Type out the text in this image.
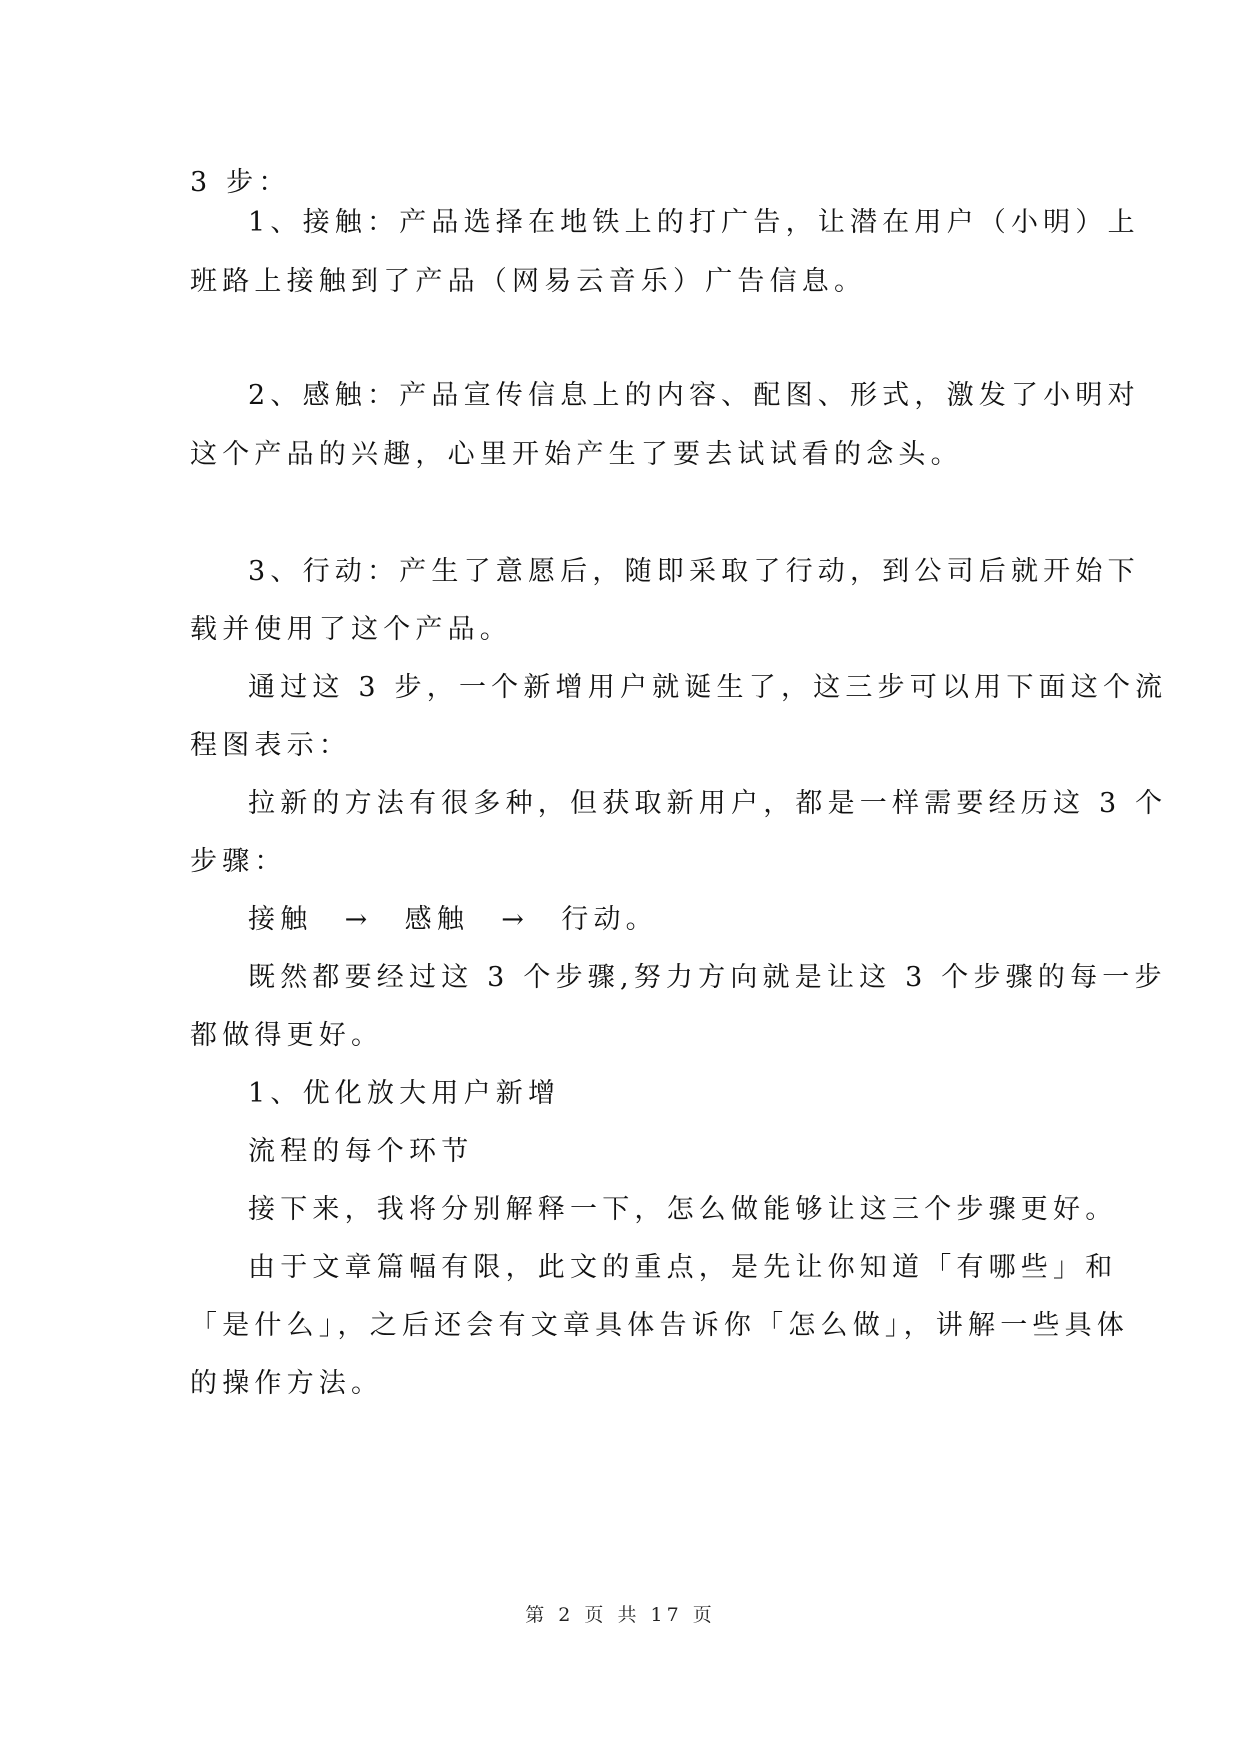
3 步：
1、接触：产品选择在地铁上的打广告，让潜在用户（小明）上
班路上接触到了产品（网易云音乐）广告信息。
2、感触：产品宣传信息上的内容、配图、形式，激发了小明对
这个产品的兴趣，心里开始产生了要去试试看的念头。
3、行动：产生了意愿后，随即采取了行动，到公司后就开始下
载并使用了这个产品。
通过这 3 步，一个新增用户就诞生了，这三步可以用下面这个流
程图表示：
拉新的方法有很多种，但获取新用户，都是一样需要经历这 3 个
步骤：
接触　→　感触　→　行动。
既然都要经过这 3 个步骤,努力方向就是让这 3 个步骤的每一步
都做得更好。
1、优化放大用户新增
流程的每个环节
接下来，我将分别解释一下，怎么做能够让这三个步骤更好。
由于文章篇幅有限，此文的重点，是先让你知道「有哪些」和
「是什么」，之后还会有文章具体告诉你「怎么做」，讲解一些具体
的操作方法。
第 2 页 共 17 页
